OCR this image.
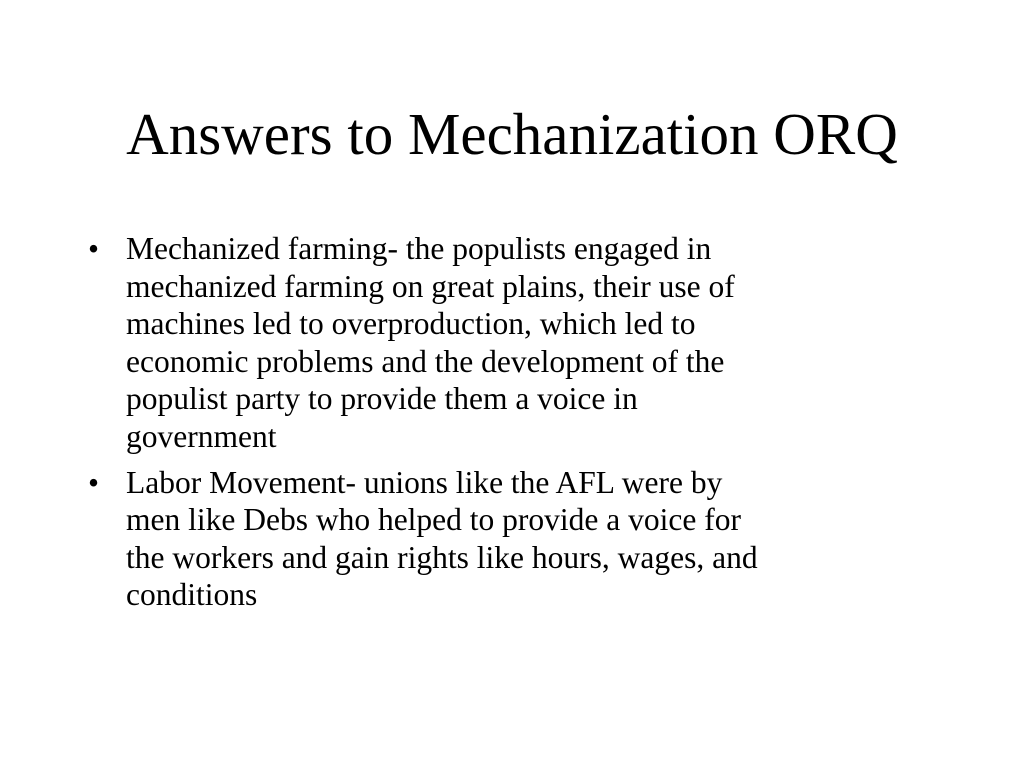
Answers to Mechanization ORQ
• Mechanized farming- the populists engaged in
mechanized farming on great plains, their use of
machines led to overproduction, which led to
economic problems and the development of the
populist party to provide them a voice in
government
• Labor Movement- unions like the AFL were by
men like Debs who helped to provide a voice for
the workers and gain rights like hours, wages, and
conditions
